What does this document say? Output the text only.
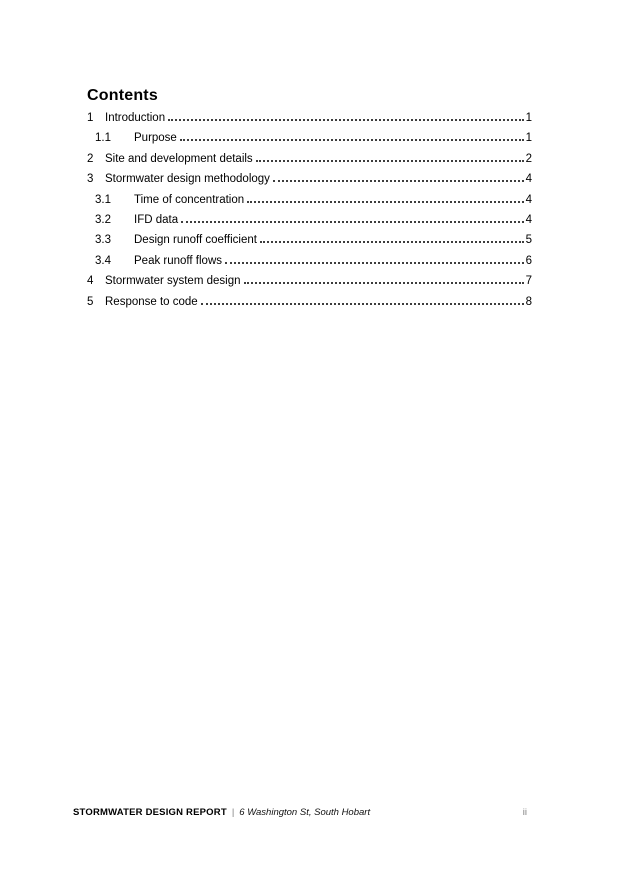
Contents
1	Introduction	1
1.1	Purpose	1
2	Site and development details	2
3	Stormwater design methodology	4
3.1	Time of concentration	4
3.2	IFD data	4
3.3	Design runoff coefficient	5
3.4	Peak runoff flows	6
4	Stormwater system design	7
5	Response to code	8
STORMWATER DESIGN REPORT | 6 Washington St, South Hobart	ii
